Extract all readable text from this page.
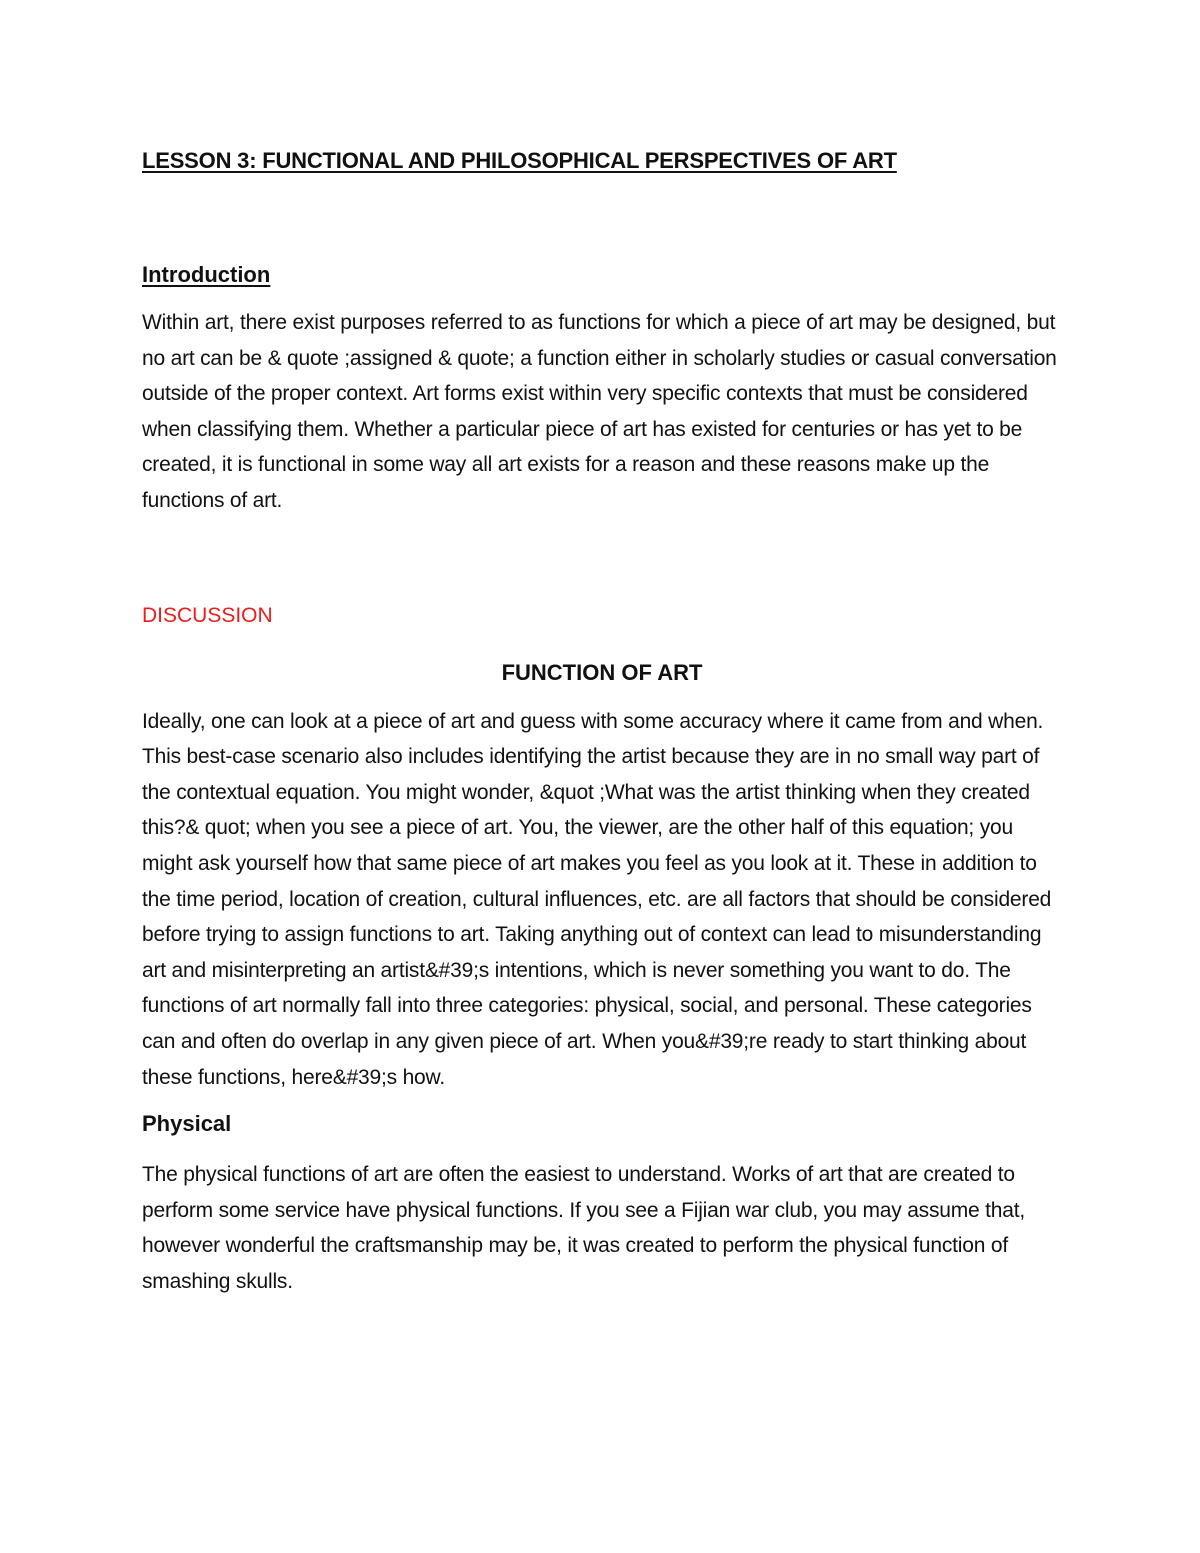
LESSON 3: FUNCTIONAL AND PHILOSOPHICAL PERSPECTIVES OF ART
Introduction

Within art, there exist purposes referred to as functions for which a piece of art may be designed, but no art can be & quote ;assigned & quote; a function either in scholarly studies or casual conversation outside of the proper context. Art forms exist within very specific contexts that must be considered when classifying them. Whether a particular piece of art has existed for centuries or has yet to be created, it is functional in some way all art exists for a reason and these reasons make up the functions of art.

DISCUSSION
FUNCTION OF ART

Ideally, one can look at a piece of art and guess with some accuracy where it came from and when. This best-case scenario also includes identifying the artist because they are in no small way part of the contextual equation. You might wonder, &quot ;What was the artist thinking when they created this?& quot; when you see a piece of art. You, the viewer, are the other half of this equation; you might ask yourself how that same piece of art makes you feel as you look at it. These in addition to the time period, location of creation, cultural influences, etc. are all factors that should be considered before trying to assign functions to art. Taking anything out of context can lead to misunderstanding art and misinterpreting an artist&#39;s intentions, which is never something you want to do. The functions of art normally fall into three categories: physical, social, and personal. These categories can and often do overlap in any given piece of art. When you&#39;re ready to start thinking about these functions, here&#39;s how.

Physical

The physical functions of art are often the easiest to understand. Works of art that are created to perform some service have physical functions. If you see a Fijian war club, you may assume that, however wonderful the craftsmanship may be, it was created to perform the physical function of smashing skulls.
